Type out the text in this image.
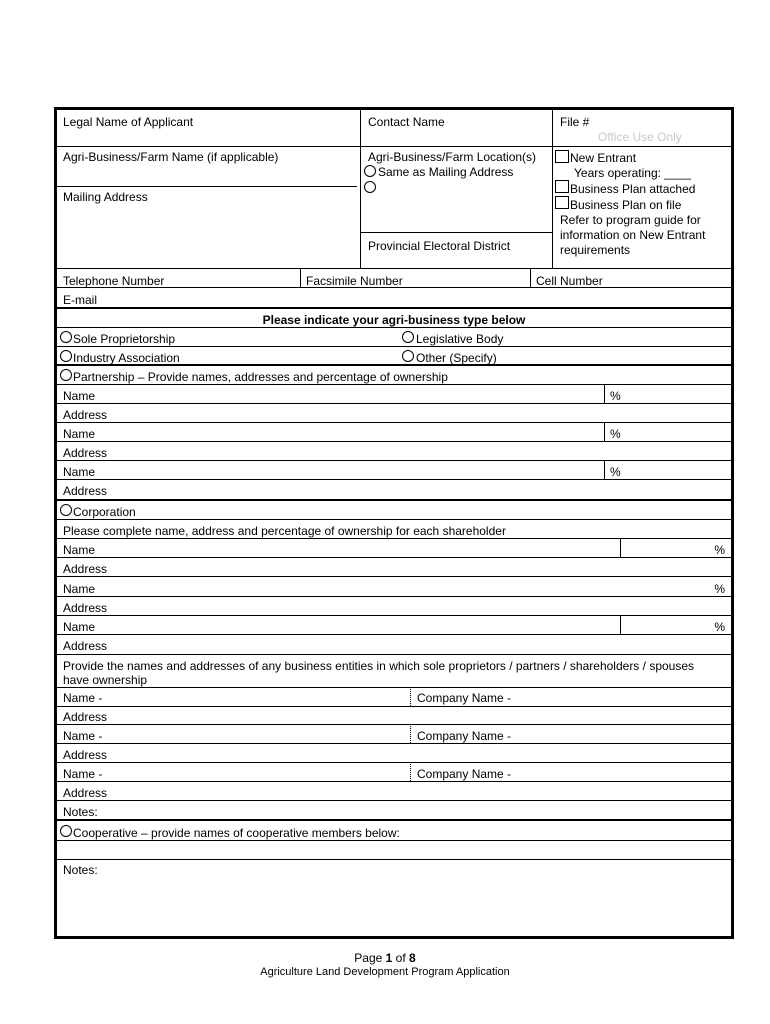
Legal Name of Applicant	Contact Name	File #
Office Use Only
Agri-Business/Farm Name (if applicable)
Mailing Address
Agri-Business/Farm Location(s)
Same as Mailing Address
Provincial Electoral District
New Entrant
Years operating: ____
Business Plan attached
Business Plan on file
Refer to program guide for
information on New Entrant
requirements
Telephone Number	Facsimile Number	Cell Number
E-mail
Please indicate your agri-business type below
Sole Proprietorship	Legislative Body
Industry Association	Other (Specify)
Partnership – Provide names, addresses and percentage of ownership
Name	%
Address
Name	%
Address
Name	%
Address
Corporation
Please complete name, address and percentage of ownership for each shareholder
Name	%
Address
Name	%
Address
Name	%
Address
Provide the names and addresses of any business entities in which sole proprietors / partners / shareholders / spouses
have ownership
Name -	Company Name -
Address
Name -	Company Name -
Address
Name -	Company Name -
Address
Notes:
Cooperative – provide names of cooperative members below:
Notes:
Page 1 of 8
Agriculture Land Development Program Application
